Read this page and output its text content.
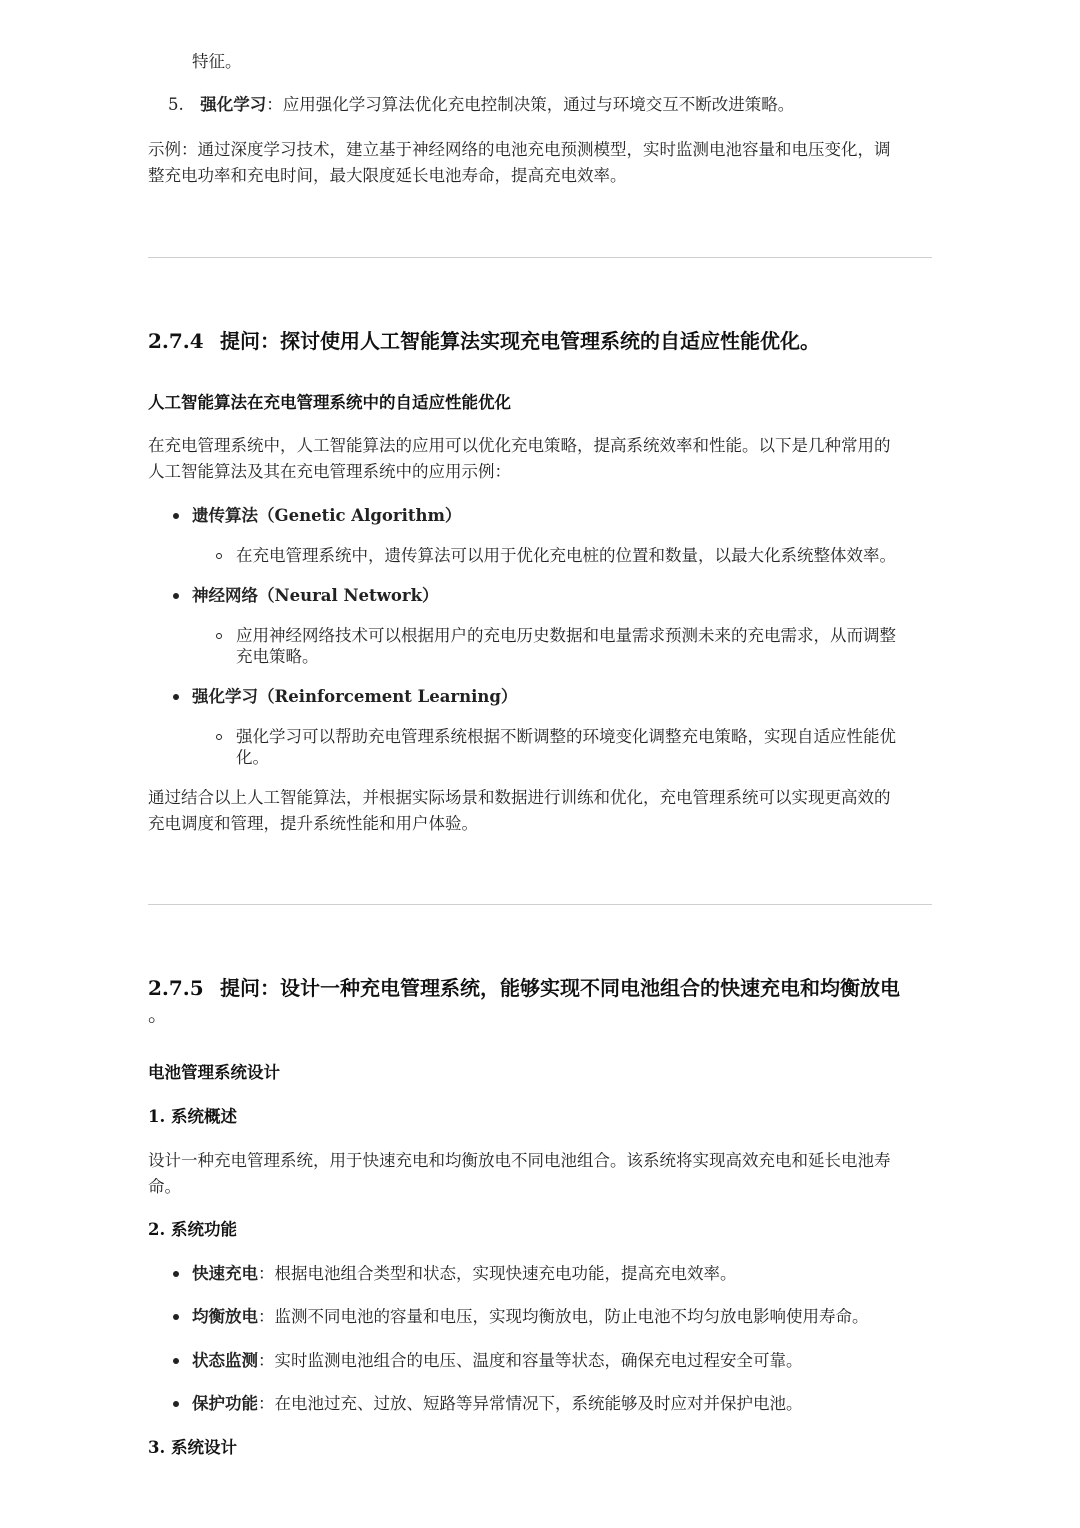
特征。
5. 强化学习：应用强化学习算法优化充电控制决策，通过与环境交互不断改进策略。
示例：通过深度学习技术，建立基于神经网络的电池充电预测模型，实时监测电池容量和电压变化，调
整充电功率和充电时间，最大限度延长电池寿命，提高充电效率。
2.7.4 提问：探讨使用人工智能算法实现充电管理系统的自适应性能优化。
人工智能算法在充电管理系统中的自适应性能优化
在充电管理系统中，人工智能算法的应用可以优化充电策略，提高系统效率和性能。以下是几种常用的
人工智能算法及其在充电管理系统中的应用示例：
遗传算法（Genetic Algorithm）
在充电管理系统中，遗传算法可以用于优化充电桩的位置和数量，以最大化系统整体效率。
神经网络（Neural Network）
应用神经网络技术可以根据用户的充电历史数据和电量需求预测未来的充电需求，从而调整
充电策略。
强化学习（Reinforcement Learning）
强化学习可以帮助充电管理系统根据不断调整的环境变化调整充电策略，实现自适应性能优
化。
通过结合以上人工智能算法，并根据实际场景和数据进行训练和优化，充电管理系统可以实现更高效的
充电调度和管理，提升系统性能和用户体验。
2.7.5 提问：设计一种充电管理系统，能够实现不同电池组合的快速充电和均衡放电
。
电池管理系统设计
1. 系统概述
设计一种充电管理系统，用于快速充电和均衡放电不同电池组合。该系统将实现高效充电和延长电池寿
命。
2. 系统功能
快速充电：根据电池组合类型和状态，实现快速充电功能，提高充电效率。
均衡放电：监测不同电池的容量和电压，实现均衡放电，防止电池不均匀放电影响使用寿命。
状态监测：实时监测电池组合的电压、温度和容量等状态，确保充电过程安全可靠。
保护功能：在电池过充、过放、短路等异常情况下，系统能够及时应对并保护电池。
3. 系统设计
